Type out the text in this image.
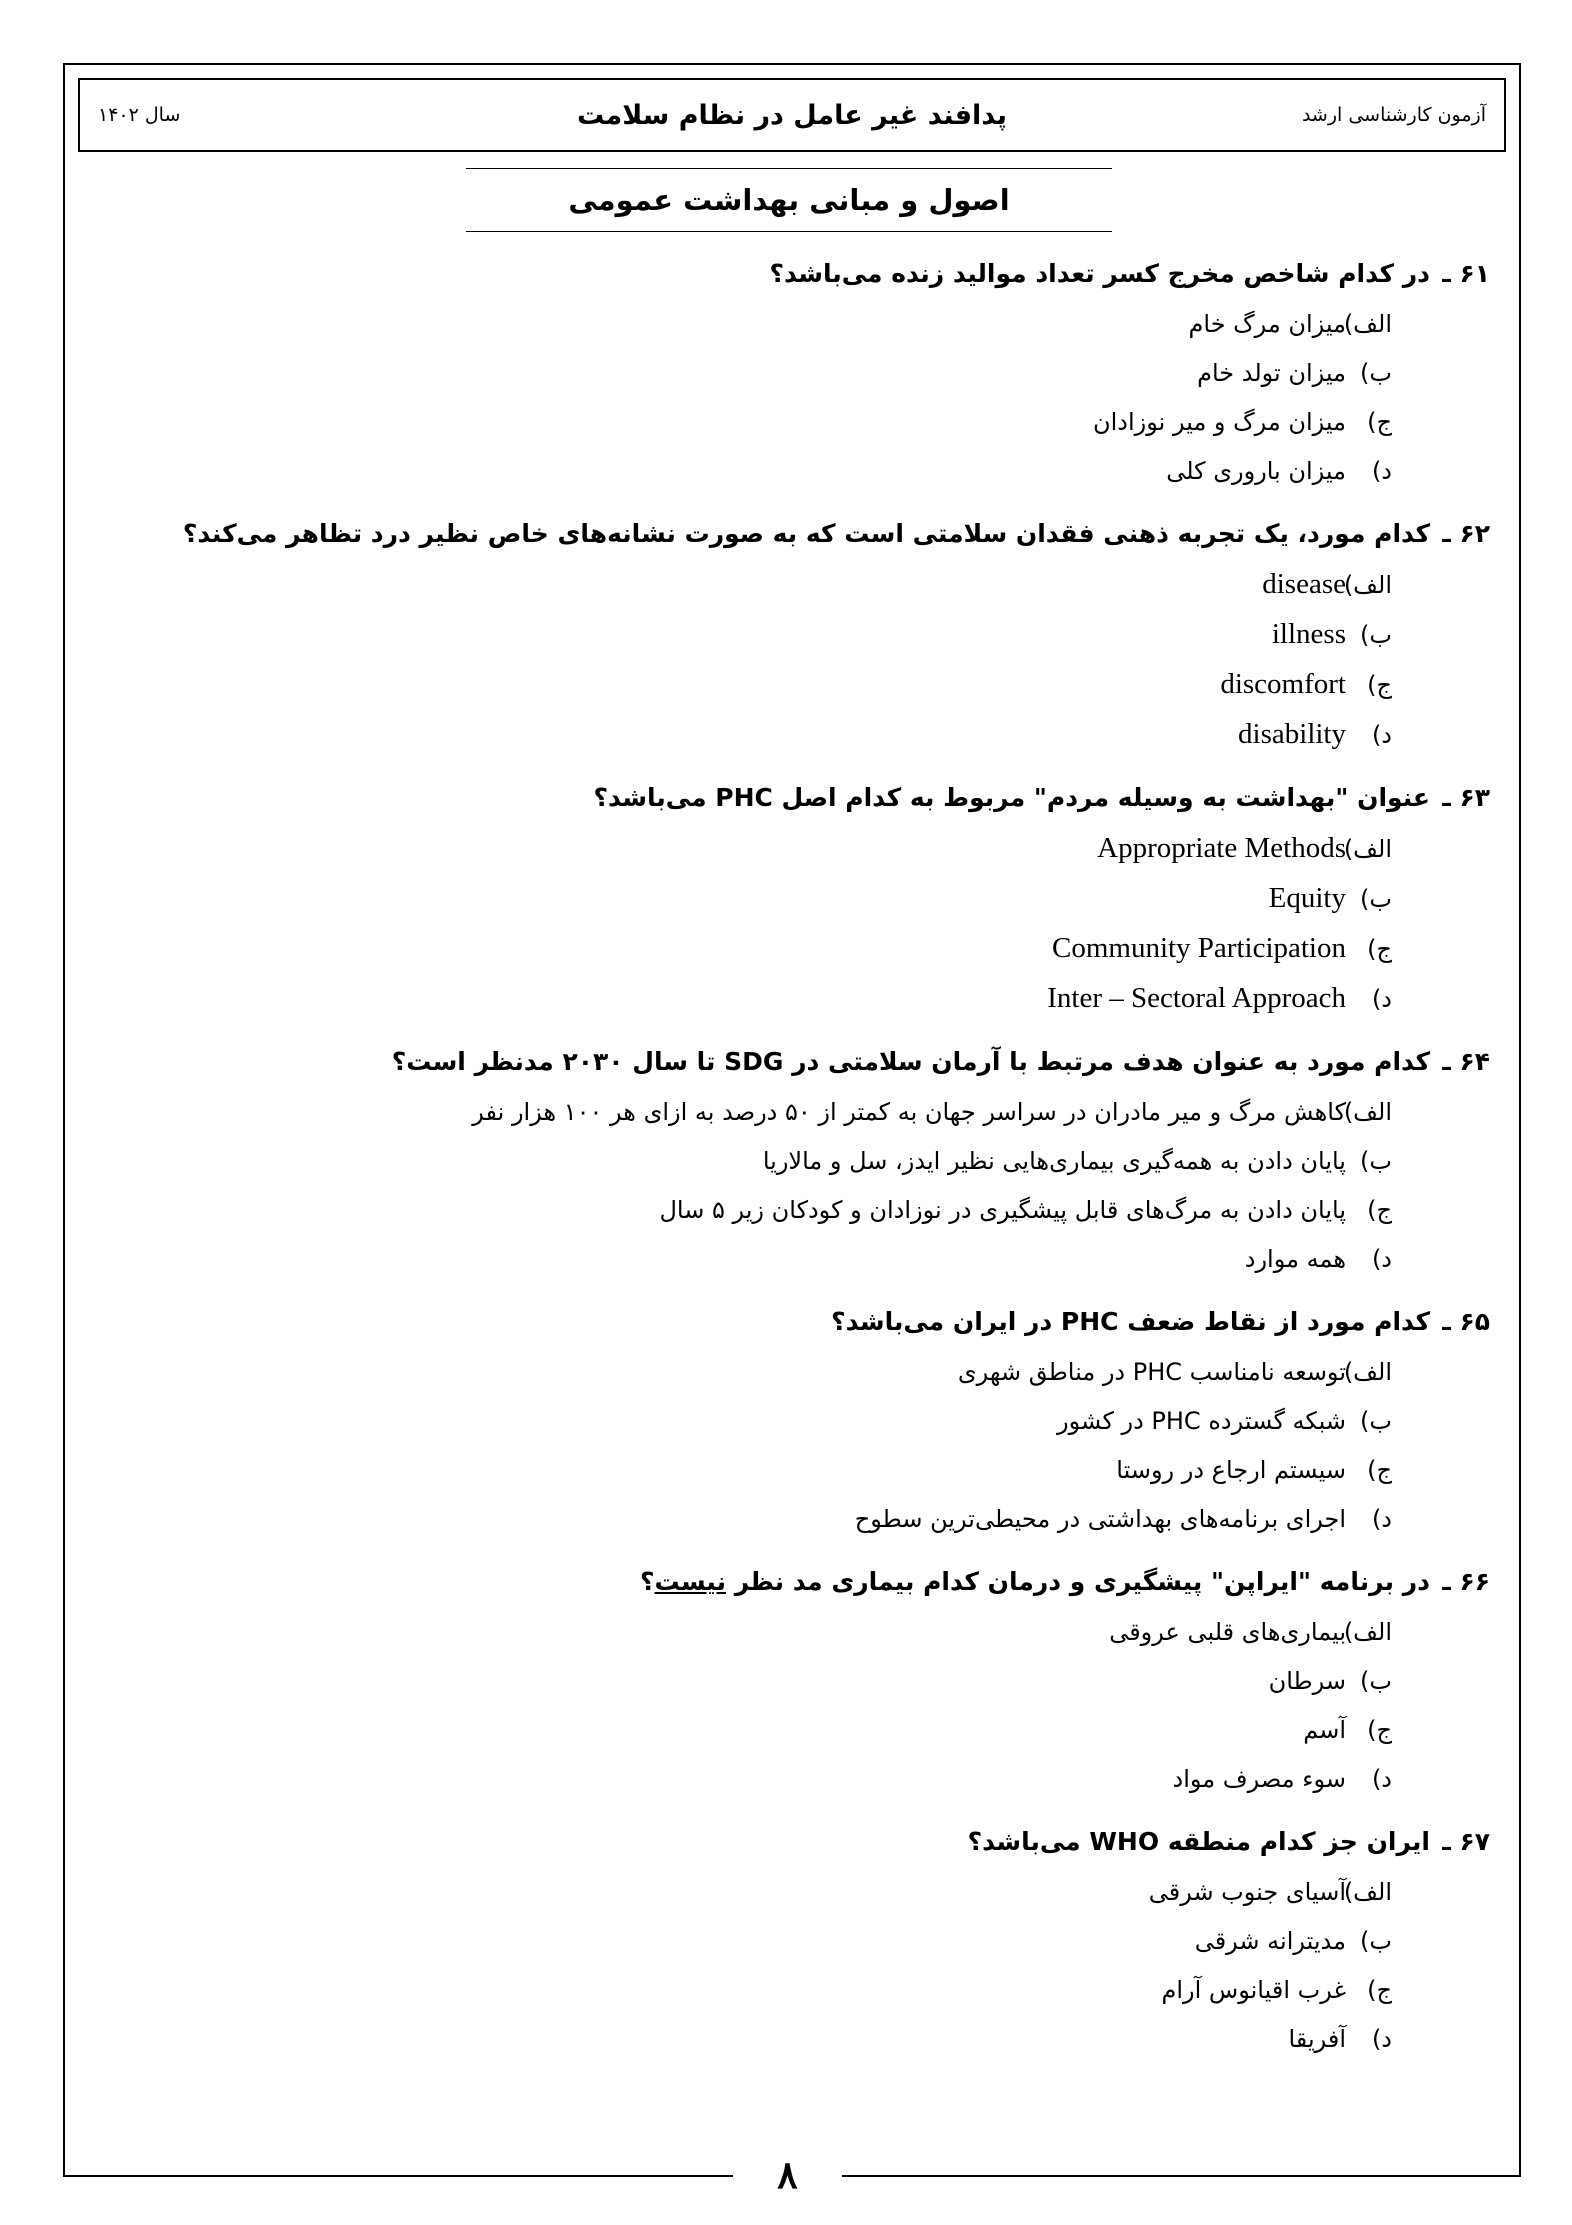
آزمون کارشناسی ارشد
پدافند غیر عامل در نظام سلامت
سال ۱۴۰۲
اصول و مبانی بهداشت عمومی
۶۱ ـ
در کدام شاخص مخرج کسر تعداد موالید زنده می‌باشد؟
الف)
میزان مرگ خام
ب)
میزان تولد خام
ج)
میزان مرگ و میر نوزادان
د)
میزان باروری کلی
۶۲ ـ
کدام مورد، یک تجربه ذهنی فقدان سلامتی است که به صورت نشانه‌های خاص نظیر درد تظاهر می‌کند؟
الف)
disease
ب)
illness
ج)
discomfort
د)
disability
۶۳ ـ
عنوان "بهداشت به وسیله مردم" مربوط به کدام اصل PHC می‌باشد؟
الف)
Appropriate Methods
ب)
Equity
ج)
Community Participation
د)
Inter – Sectoral Approach
۶۴ ـ
کدام مورد به عنوان هدف مرتبط با آرمان سلامتی در SDG تا سال ۲۰۳۰ مدنظر است؟
الف)
کاهش مرگ و میر مادران در سراسر جهان به کمتر از ۵۰ درصد به ازای هر ۱۰۰ هزار نفر
ب)
پایان دادن به همه‌گیری بیماری‌هایی نظیر ایدز، سل و مالاریا
ج)
پایان دادن به مرگ‌های قابل پیشگیری در نوزادان و کودکان زیر ۵ سال
د)
همه موارد
۶۵ ـ
کدام مورد از نقاط ضعف PHC در ایران می‌باشد؟
الف)
توسعه نامناسب PHC در مناطق شهری
ب)
شبکه گسترده PHC در کشور
ج)
سیستم ارجاع در روستا
د)
اجرای برنامه‌های بهداشتی در محیطی‌ترین سطوح
۶۶ ـ
در برنامه "ایراپن" پیشگیری و درمان کدام بیماری مد نظر نیست؟
الف)
بیماری‌های قلبی عروقی
ب)
سرطان
ج)
آسم
د)
سوء مصرف مواد
۶۷ ـ
ایران جز کدام منطقه WHO می‌باشد؟
الف)
آسیای جنوب شرقی
ب)
مدیترانه شرقی
ج)
غرب اقیانوس آرام
د)
آفریقا
۸
